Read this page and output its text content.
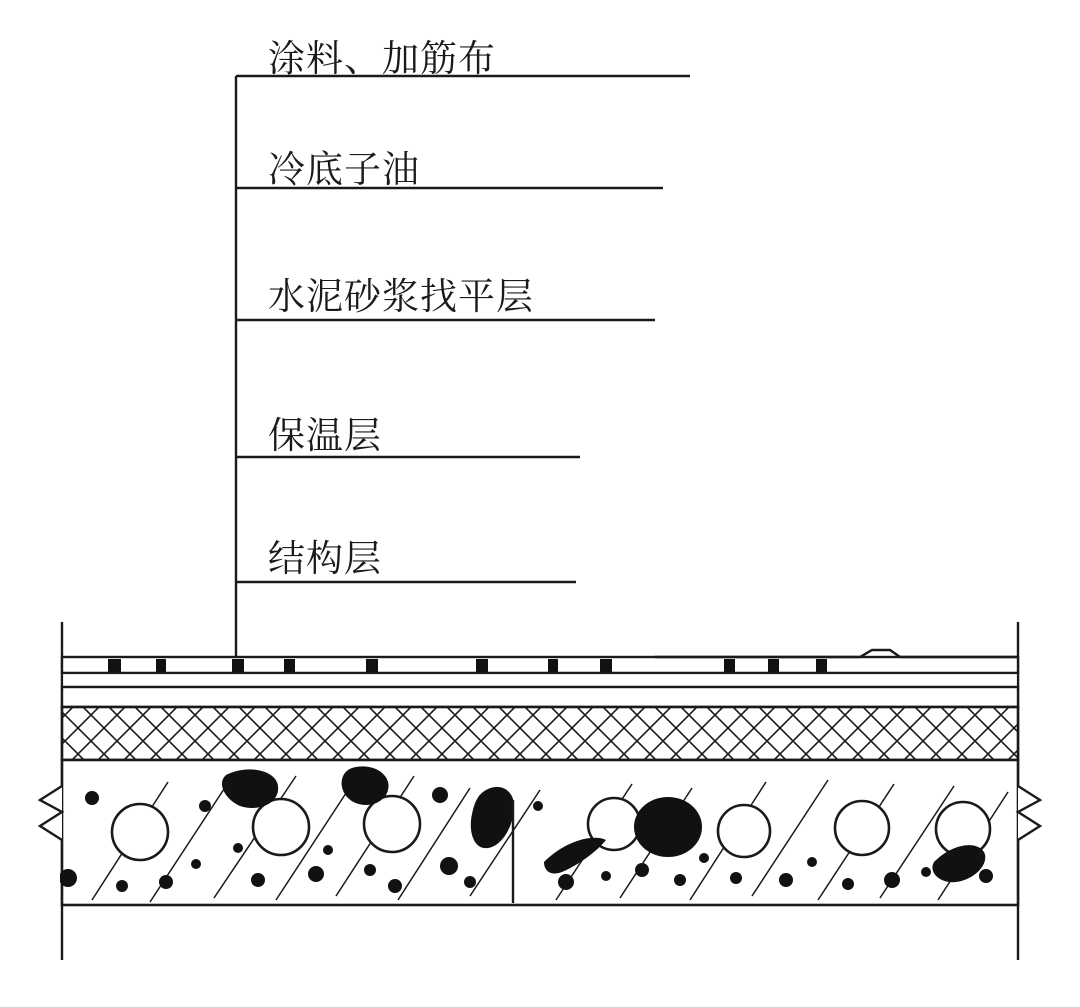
涂料、加筋布
冷底子油
水泥砂浆找平层
保温层
结构层
